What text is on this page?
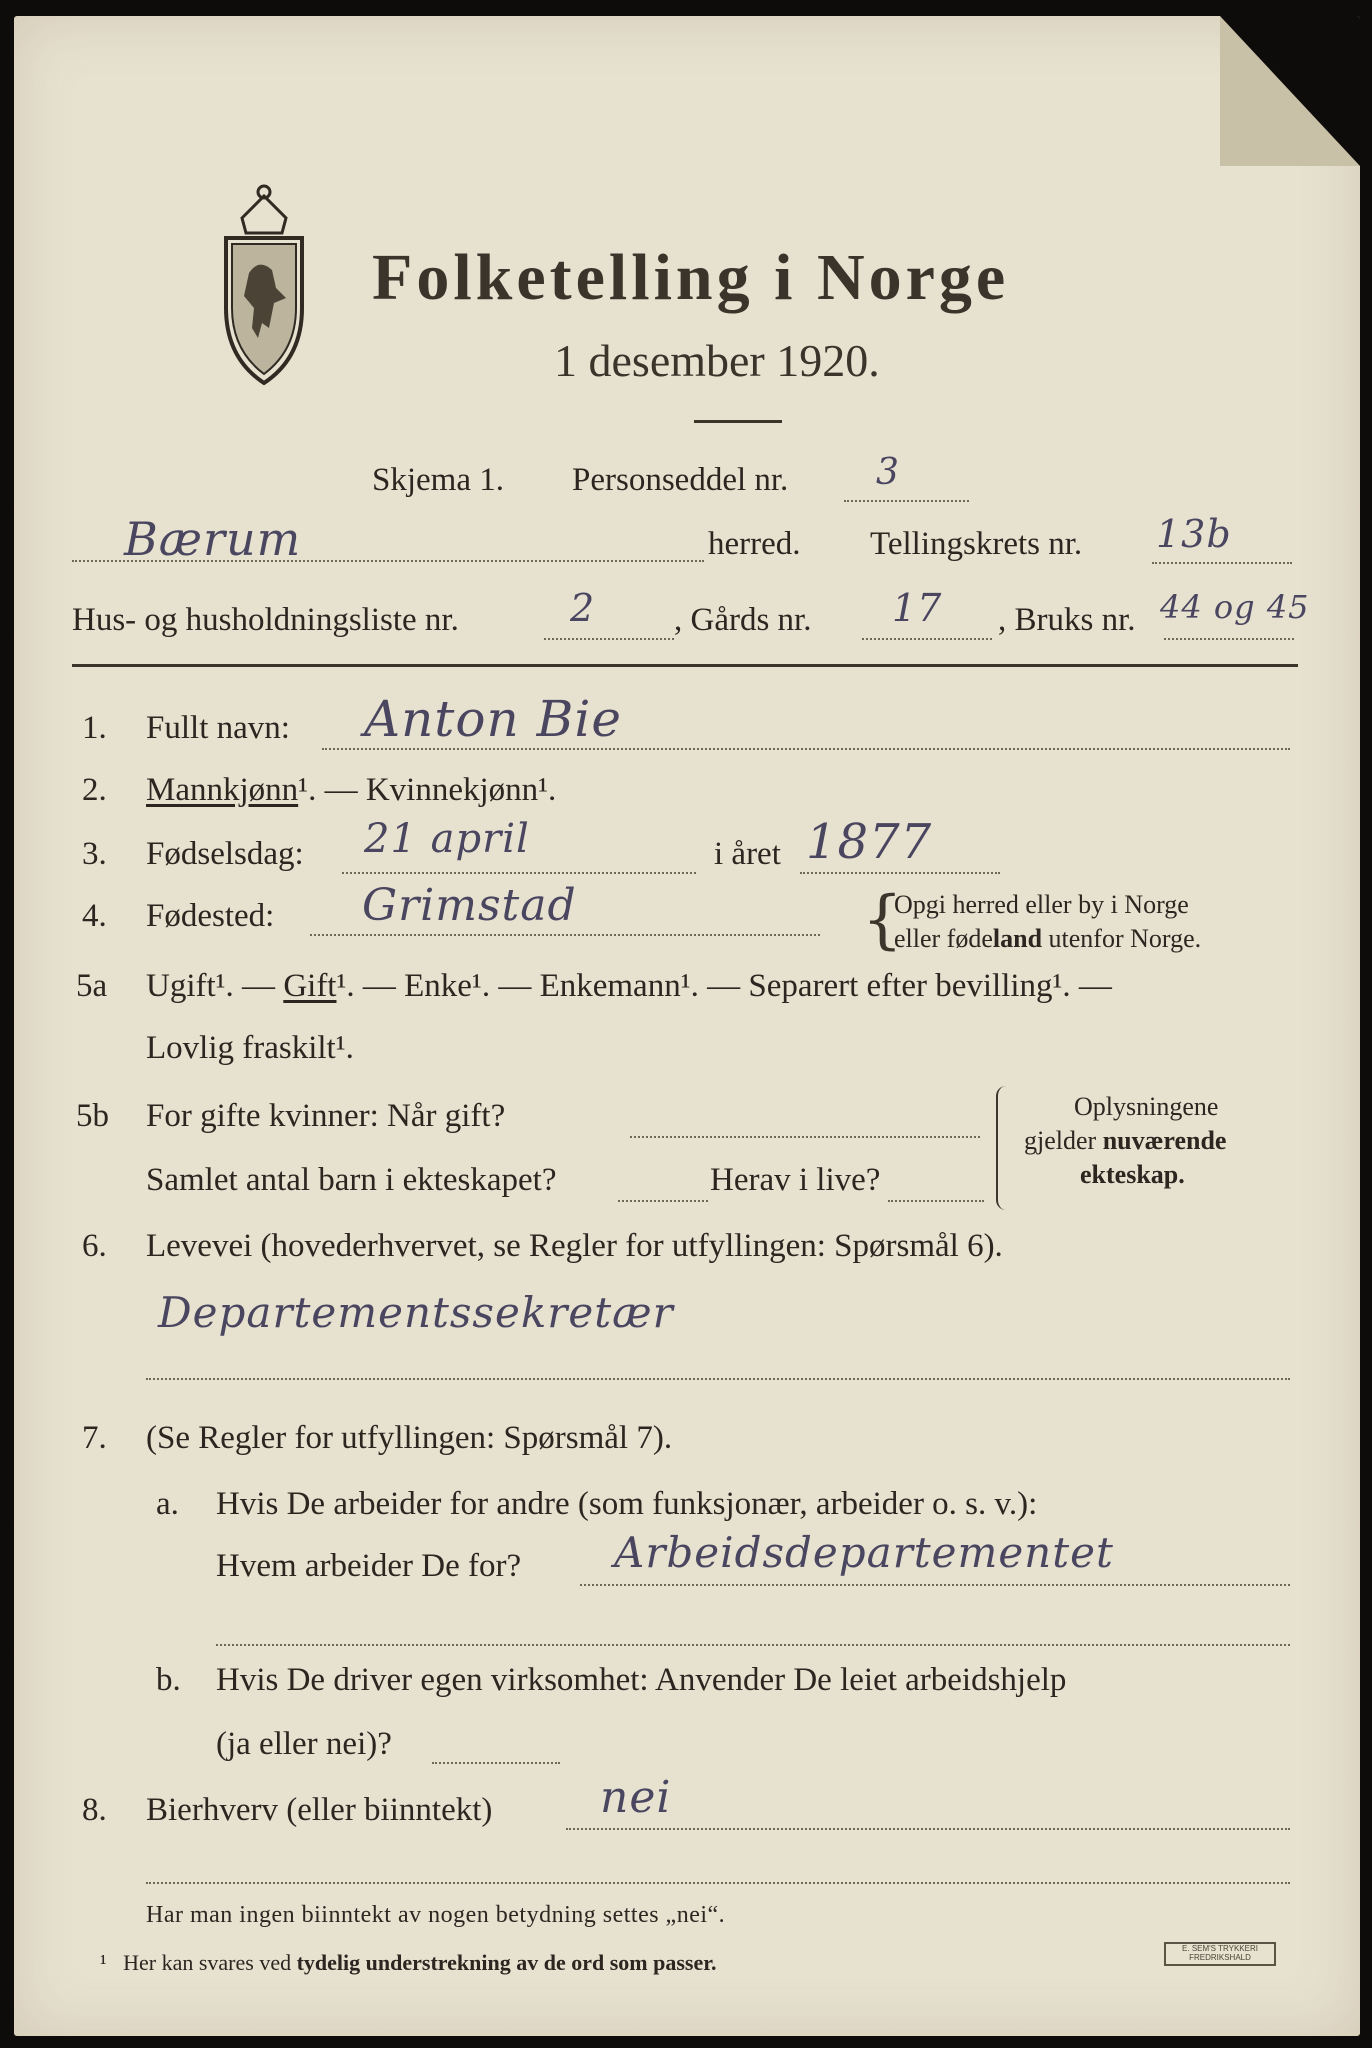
Folketelling i Norge
1 desember 1920.
Skjema 1. Personseddel nr. 3
Bærum	herred. Tellingskrets nr. 13b
Hus- og husholdningsliste nr.	2 , Gårds nr. 17 , Bruks nr. 44 og 45
1. Fullt navn: Anton Bie
2. Mannkjønn¹. — Kvinnekjønn¹.
3. Fødselsdag: 21 april	i året 1877
4. Fødested: Grimstad	{
Opgi herred eller by i Norge
eller fødeland utenfor Norge.
5a Ugift¹. — Gift¹. — Enke¹. — Enkemann¹. — Separert efter bevilling¹. —
Lovlig fraskilt¹.
5b For gifte kvinner: Når gift?
Samlet antal barn i ekteskapet?	Herav i live?
Oplysningene
gjelder nuværende
ekteskap.
6. Levevei (hovederhvervet, se Regler for utfyllingen: Spørsmål 6).
Departementssekretær
7. (Se Regler for utfyllingen: Spørsmål 7).
a. Hvis De arbeider for andre (som funksjonær, arbeider o. s. v.):
Hvem arbeider De for? Arbeidsdepartementet
b. Hvis De driver egen virksomhet: Anvender De leiet arbeidshjelp
(ja eller nei)?
8. Bierhverv (eller biinntekt) nei
Har man ingen biinntekt av nogen betydning settes „nei“.
¹ Her kan svares ved tydelig understrekning av de ord som passer.
E. SEM'S TRYKKERI FREDRIKSHALD
